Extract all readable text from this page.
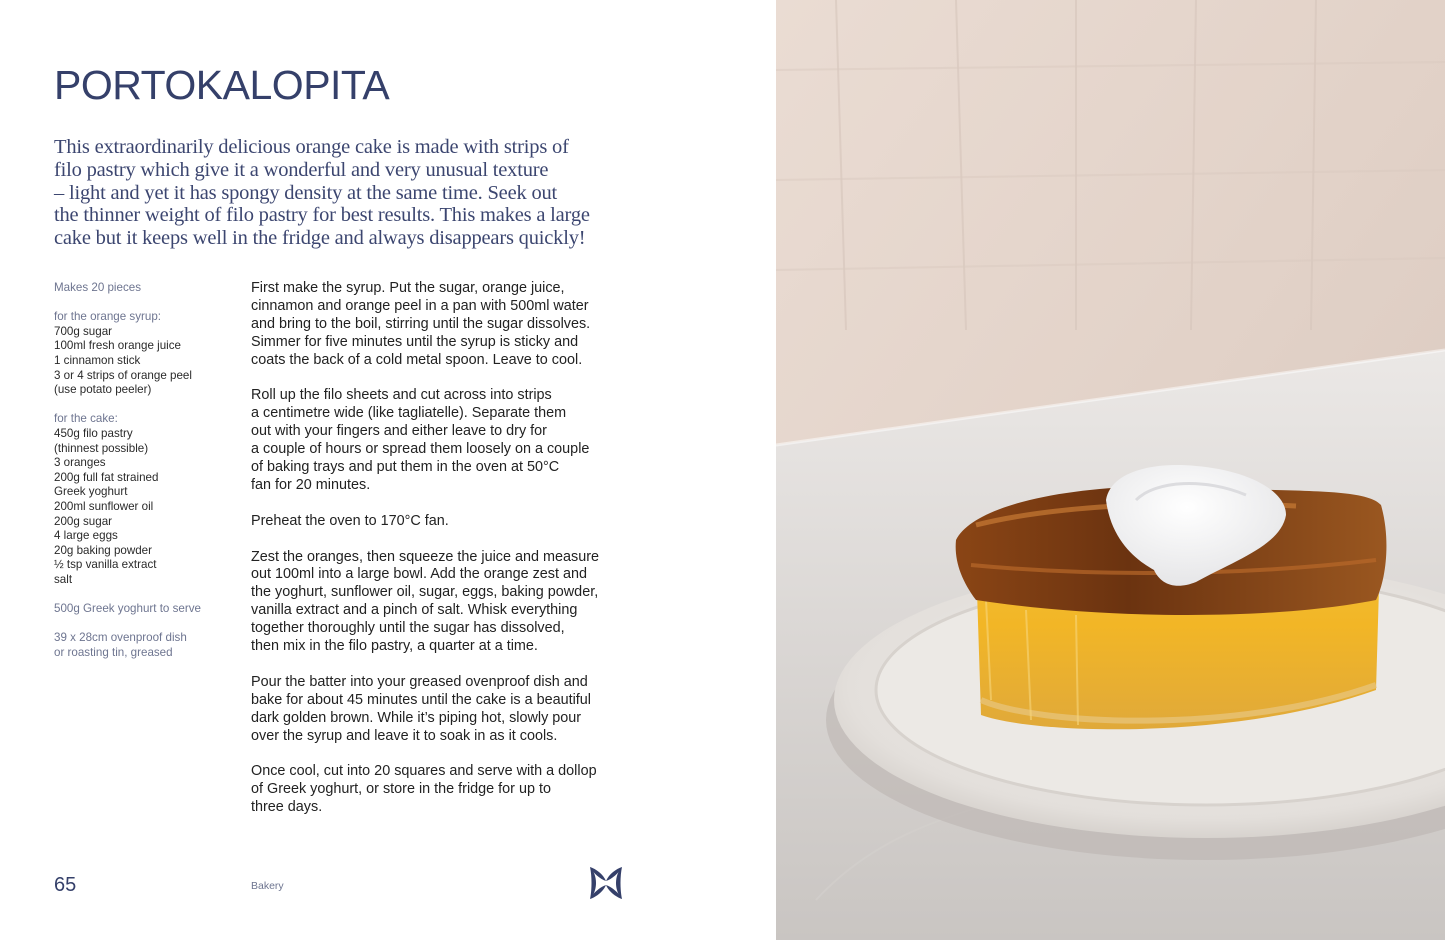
PORTOKALOPITA

This extraordinarily delicious orange cake is made with strips of
filo pastry which give it a wonderful and very unusual texture
– light and yet it has spongy density at the same time. Seek out
the thinner weight of filo pastry for best results. This makes a large
cake but it keeps well in the fridge and always disappears quickly!

Makes 20 pieces
for the orange syrup:
700g sugar
100ml fresh orange juice
1 cinnamon stick
3 or 4 strips of orange peel
(use potato peeler)
for the cake:
450g filo pastry
(thinnest possible)
3 oranges
200g full fat strained
Greek yoghurt
200ml sunflower oil
200g sugar
4 large eggs
20g baking powder
½ tsp vanilla extract
salt
500g Greek yoghurt to serve
39 x 28cm ovenproof dish
or roasting tin, greased
First make the syrup. Put the sugar, orange juice,
cinnamon and orange peel in a pan with 500ml water
and bring to the boil, stirring until the sugar dissolves.
Simmer for five minutes until the syrup is sticky and
coats the back of a cold metal spoon. Leave to cool.
Roll up the filo sheets and cut across into strips
a centimetre wide (like tagliatelle). Separate them
out with your fingers and either leave to dry for
a couple of hours or spread them loosely on a couple
of baking trays and put them in the oven at 50°C
fan for 20 minutes.
Preheat the oven to 170°C fan.
Zest the oranges, then squeeze the juice and measure
out 100ml into a large bowl. Add the orange zest and
the yoghurt, sunflower oil, sugar, eggs, baking powder,
vanilla extract and a pinch of salt. Whisk everything
together thoroughly until the sugar has dissolved,
then mix in the filo pastry, a quarter at a time.
Pour the batter into your greased ovenproof dish and
bake for about 45 minutes until the cake is a beautiful
dark golden brown. While it’s piping hot, slowly pour
over the syrup and leave it to soak in as it cools.
Once cool, cut into 20 squares and serve with a dollop
of Greek yoghurt, or store in the fridge for up to
three days.
65	Bakery
